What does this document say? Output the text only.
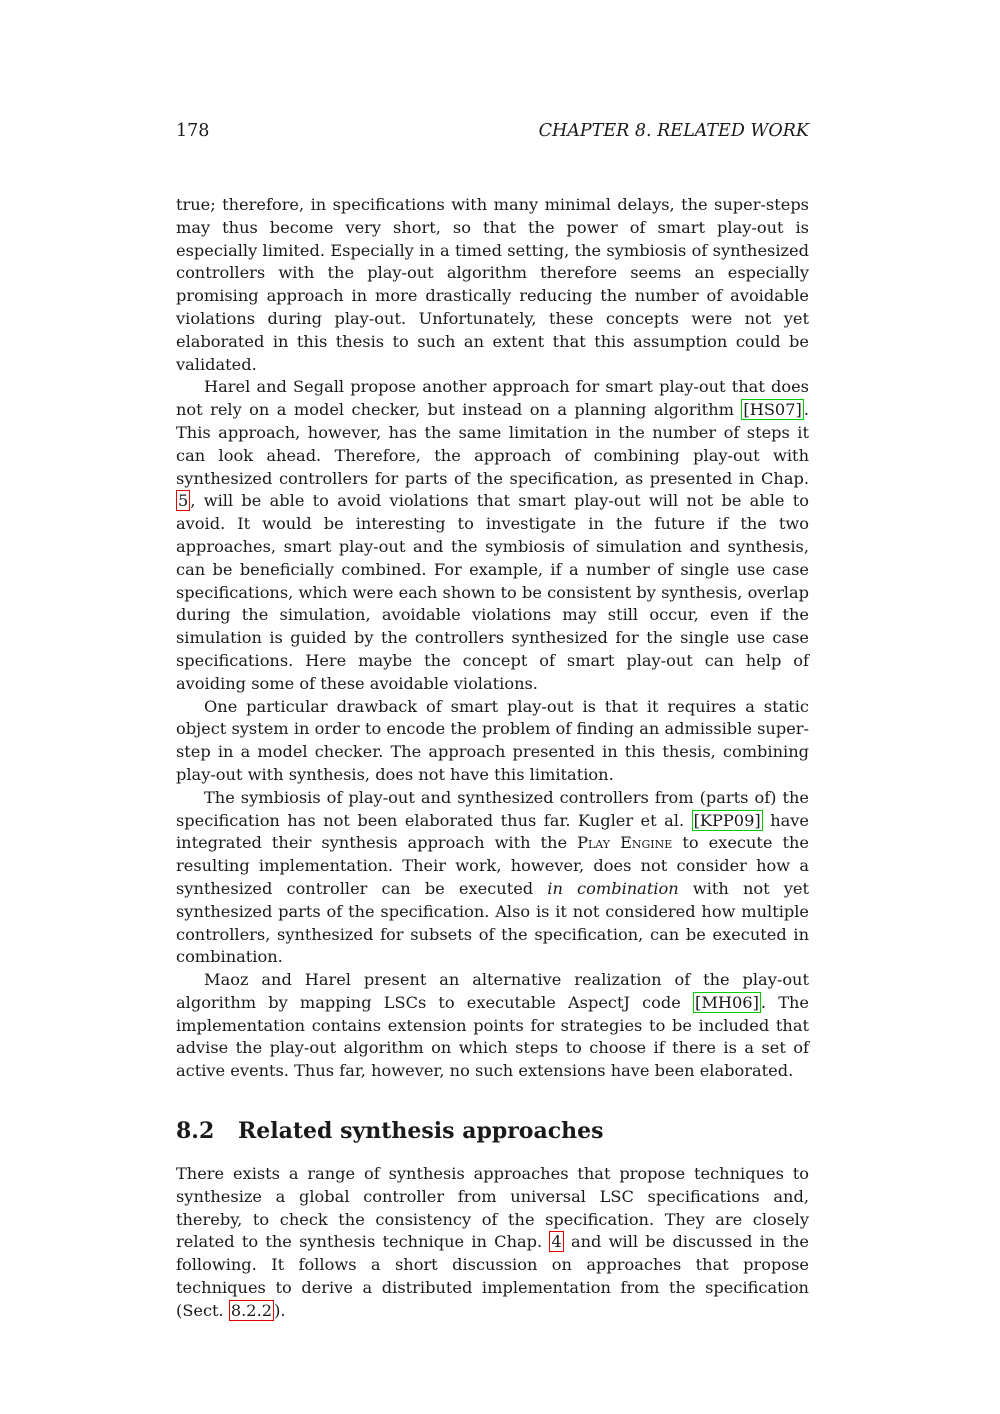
178	CHAPTER 8. RELATED WORK

true; therefore, in specifications with many minimal delays, the super-steps may thus become very short, so that the power of smart play-out is especially limited. Especially in a timed setting, the symbiosis of synthesized controllers with the play-out algorithm therefore seems an especially promising approach in more drastically reducing the number of avoidable violations during play-out. Unfortunately, these concepts were not yet elaborated in this thesis to such an extent that this assumption could be validated.

Harel and Segall propose another approach for smart play-out that does not rely on a model checker, but instead on a planning algorithm [HS07] . This approach, however, has the same limitation in the number of steps it can look ahead. Therefore, the approach of combining play-out with synthesized controllers for parts of the specification, as presented in Chap. 5 , will be able to avoid violations that smart play-out will not be able to avoid. It would be interesting to investigate in the future if the two approaches, smart play-out and the symbiosis of simulation and synthesis, can be beneficially combined. For example, if a number of single use case specifications, which were each shown to be consistent by synthesis, overlap during the simulation, avoidable violations may still occur, even if the simulation is guided by the controllers synthesized for the single use case specifications. Here maybe the concept of smart play-out can help of avoiding some of these avoidable violations.

One particular drawback of smart play-out is that it requires a static object system in order to encode the problem of finding an admissible super-step in a model checker. The approach presented in this thesis, combining play-out with synthesis, does not have this limitation.

The symbiosis of play-out and synthesized controllers from (parts of) the specification has not been elaborated thus far. Kugler et al. [KPP09] have integrated their synthesis approach with the Play Engine to execute the resulting implementation. Their work, however, does not consider how a synthesized controller can be executed in combination with not yet synthesized parts of the specification. Also is it not considered how multiple controllers, synthesized for subsets of the specification, can be executed in combination.

Maoz and Harel present an alternative realization of the play-out algorithm by mapping LSCs to executable AspectJ code [MH06] . The implementation contains extension points for strategies to be included that advise the play-out algorithm on which steps to choose if there is a set of active events. Thus far, however, no such extensions have been elaborated.

8.2	Related synthesis approaches

There exists a range of synthesis approaches that propose techniques to synthesize a global controller from universal LSC specifications and, thereby, to check the consistency of the specification. They are closely related to the synthesis technique in Chap. 4 and will be discussed in the following. It follows a short discussion on approaches that propose techniques to derive a distributed implementation from the specification (Sect. 8.2.2 ).
